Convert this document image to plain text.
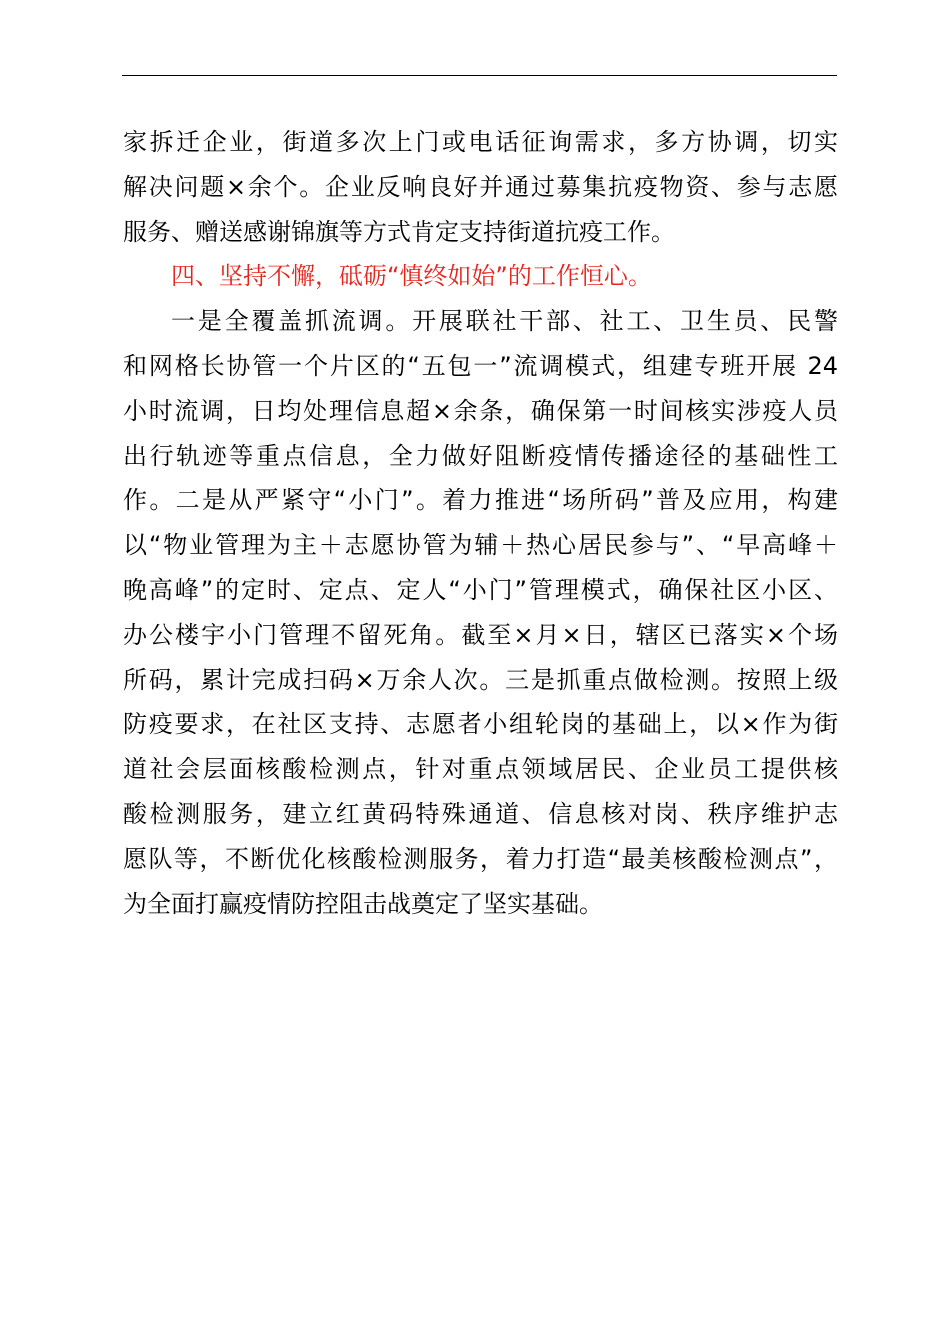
家拆迁企业，街道多次上门或电话征询需求，多方协调，切实
解决问题×余个。企业反响良好并通过募集抗疫物资、参与志愿
服务、赠送感谢锦旗等方式肯定支持街道抗疫工作。
四、坚持不懈，砥砺“慎终如始”的工作恒心。
一是全覆盖抓流调。开展联社干部、社工、卫生员、民警
和网格长协管一个片区的“五包一”流调模式，组建专班开展 24
小时流调，日均处理信息超×余条，确保第一时间核实涉疫人员
出行轨迹等重点信息，全力做好阻断疫情传播途径的基础性工
作。二是从严紧守“小门”。着力推进“场所码”普及应用，构建
以“物业管理为主＋志愿协管为辅＋热心居民参与”、“早高峰＋
晚高峰”的定时、定点、定人“小门”管理模式，确保社区小区、
办公楼宇小门管理不留死角。截至×月×日，辖区已落实×个场
所码，累计完成扫码×万余人次。三是抓重点做检测。按照上级
防疫要求，在社区支持、志愿者小组轮岗的基础上，以×作为街
道社会层面核酸检测点，针对重点领域居民、企业员工提供核
酸检测服务，建立红黄码特殊通道、信息核对岗、秩序维护志
愿队等，不断优化核酸检测服务，着力打造“最美核酸检测点”，
为全面打赢疫情防控阻击战奠定了坚实基础。
